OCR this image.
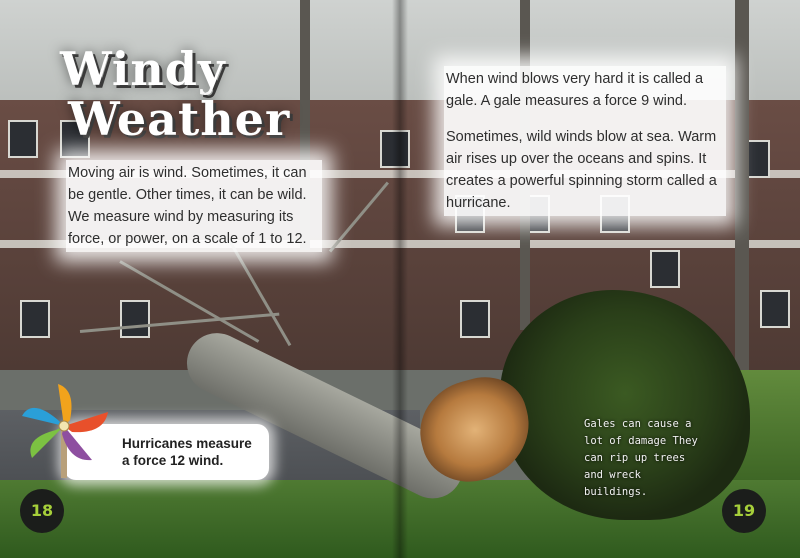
Windy
Weather

Moving air is wind. Sometimes, it can be gentle. Other times, it can be wild. We measure wind by measuring its force, or power, on a scale of 1 to 12.

When wind blows very hard it is called a gale. A gale measures a force 9 wind.

Sometimes, wild winds blow at sea. Warm air rises up over the oceans and spins. It creates a powerful spinning storm called a hurricane.

Hurricanes measure a force 12 wind.
Gales can cause a lot of damage They can rip up trees and wreck buildings.
18	19
